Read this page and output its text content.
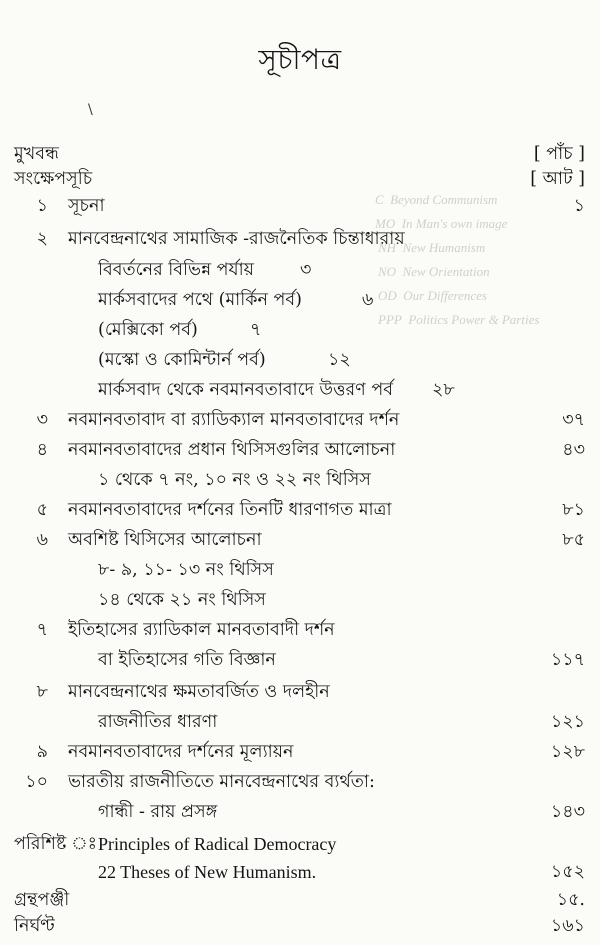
C  Beyond Communism
MO  In Man's own image
NH  New Humanism
NO  New Orientation
OD  Our Differences
PPP  Politics Power & Parties
সূচীপত্র
\
মুখবন্ধ	[ পাঁচ ]
সংক্ষেপসূচি	[ আট ]
১ সূচনা	১
২ মানবেন্দ্রনাথের সামাজিক -রাজনৈতিক চিন্তাধারায়
বিবর্তনের বিভিন্ন পর্যায়	৩
মার্কসবাদের পথে (মার্কিন পর্ব)	৬
(মেক্সিকো পর্ব)	৭
(মস্কো ও কোমিন্টার্ন পর্ব)	১২
মার্কসবাদ থেকে নবমানবতাবাদে উত্তরণ পর্ব ২৮
৩ নবমানবতাবাদ বা র‍্যাডিক্যাল মানবতাবাদের দর্শন	৩৭
৪ নবমানবতাবাদের প্রধান থিসিসগুলির আলোচনা	৪৩
১ থেকে ৭ নং, ১০ নং ও ২২ নং থিসিস
৫ নবমানবতাবাদের দর্শনের তিনটি ধারণাগত মাত্রা	৮১
৬ অবশিষ্ট থিসিসের আলোচনা	৮৫
৮- ৯, ১১- ১৩ নং থিসিস
১৪ থেকে ২১ নং থিসিস
৭ ইতিহাসের র‍্যাডিকাল মানবতাবাদী দর্শন
বা ইতিহাসের গতি বিজ্ঞান	১১৭
৮ মানবেন্দ্রনাথের ক্ষমতাবর্জিত ও দলহীন
রাজনীতির ধারণা	১২১
৯ নবমানবতাবাদের দর্শনের মূল্যায়ন	১২৮
১০ ভারতীয় রাজনীতিতে মানবেন্দ্রনাথের ব্যর্থতা:
গান্ধী - রায় প্রসঙ্গ	১৪৩
পরিশিষ্ট ঃ Principles of Radical Democracy
22 Theses of New Humanism.	১৫২
গ্রন্থপঞ্জী	১৫.
নির্ঘণ্ট	১৬১
